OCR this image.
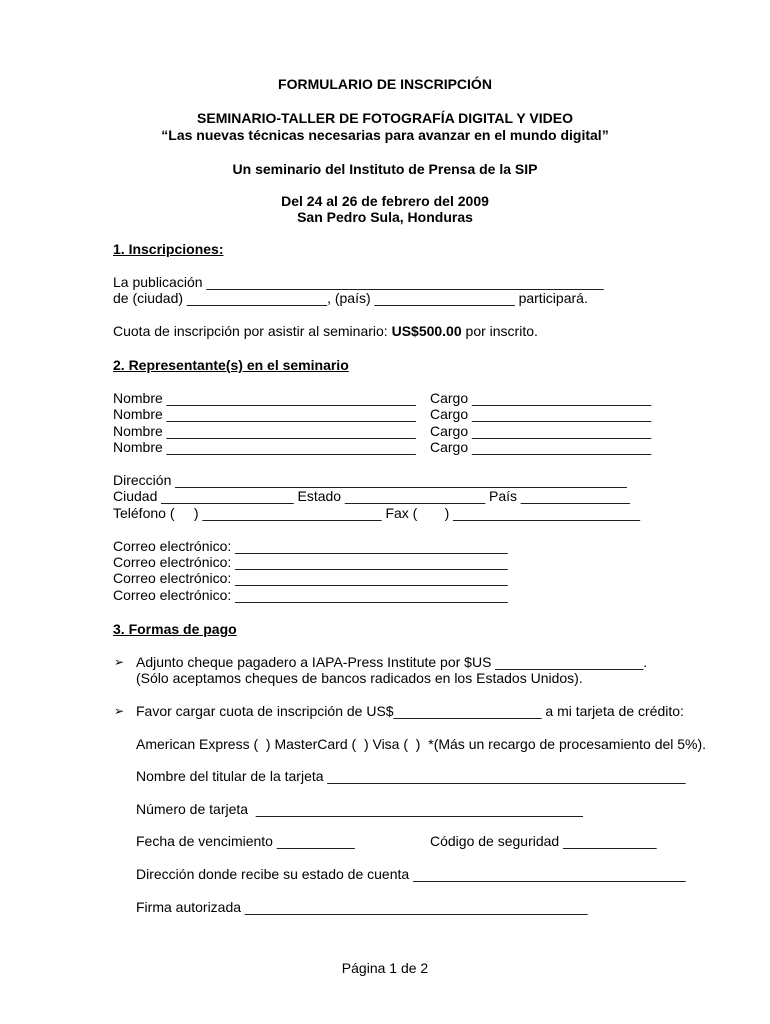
FORMULARIO DE INSCRIPCIÓN
SEMINARIO-TALLER DE FOTOGRAFÍA DIGITAL Y VIDEO
“Las nuevas técnicas necesarias para avanzar en el mundo digital”
Un seminario del Instituto de Prensa de la SIP
Del 24 al 26 de febrero del 2009
San Pedro Sula, Honduras
1. Inscripciones:
La publicación ___________________________________________________
de (ciudad) __________________, (país) __________________ participará.
Cuota de inscripción por asistir al seminario: US$500.00 por inscrito.
2. Representante(s) en el seminario
Nombre ________________________________ Cargo _______________________
Nombre ________________________________ Cargo _______________________
Nombre ________________________________ Cargo _______________________
Nombre ________________________________ Cargo _______________________
Dirección __________________________________________________________
Ciudad _________________ Estado __________________ País ______________
Teléfono (     ) _______________________ Fax (       ) ________________________
Correo electrónico: ___________________________________
Correo electrónico: ___________________________________
Correo electrónico: ___________________________________
Correo electrónico: ___________________________________
3. Formas de pago
➢ Adjunto cheque pagadero a IAPA-Press Institute por $US ___________________.
(Sólo aceptamos cheques de bancos radicados en los Estados Unidos).
➢ Favor cargar cuota de inscripción de US$___________________ a mi tarjeta de crédito:
American Express (  ) MasterCard (  ) Visa (  )  *(Más un recargo de procesamiento del 5%).
Nombre del titular de la tarjeta ______________________________________________
Número de tarjeta  __________________________________________
Fecha de vencimiento __________	Código de seguridad ____________
Dirección donde recibe su estado de cuenta ___________________________________
Firma autorizada ____________________________________________
Página 1 de 2
